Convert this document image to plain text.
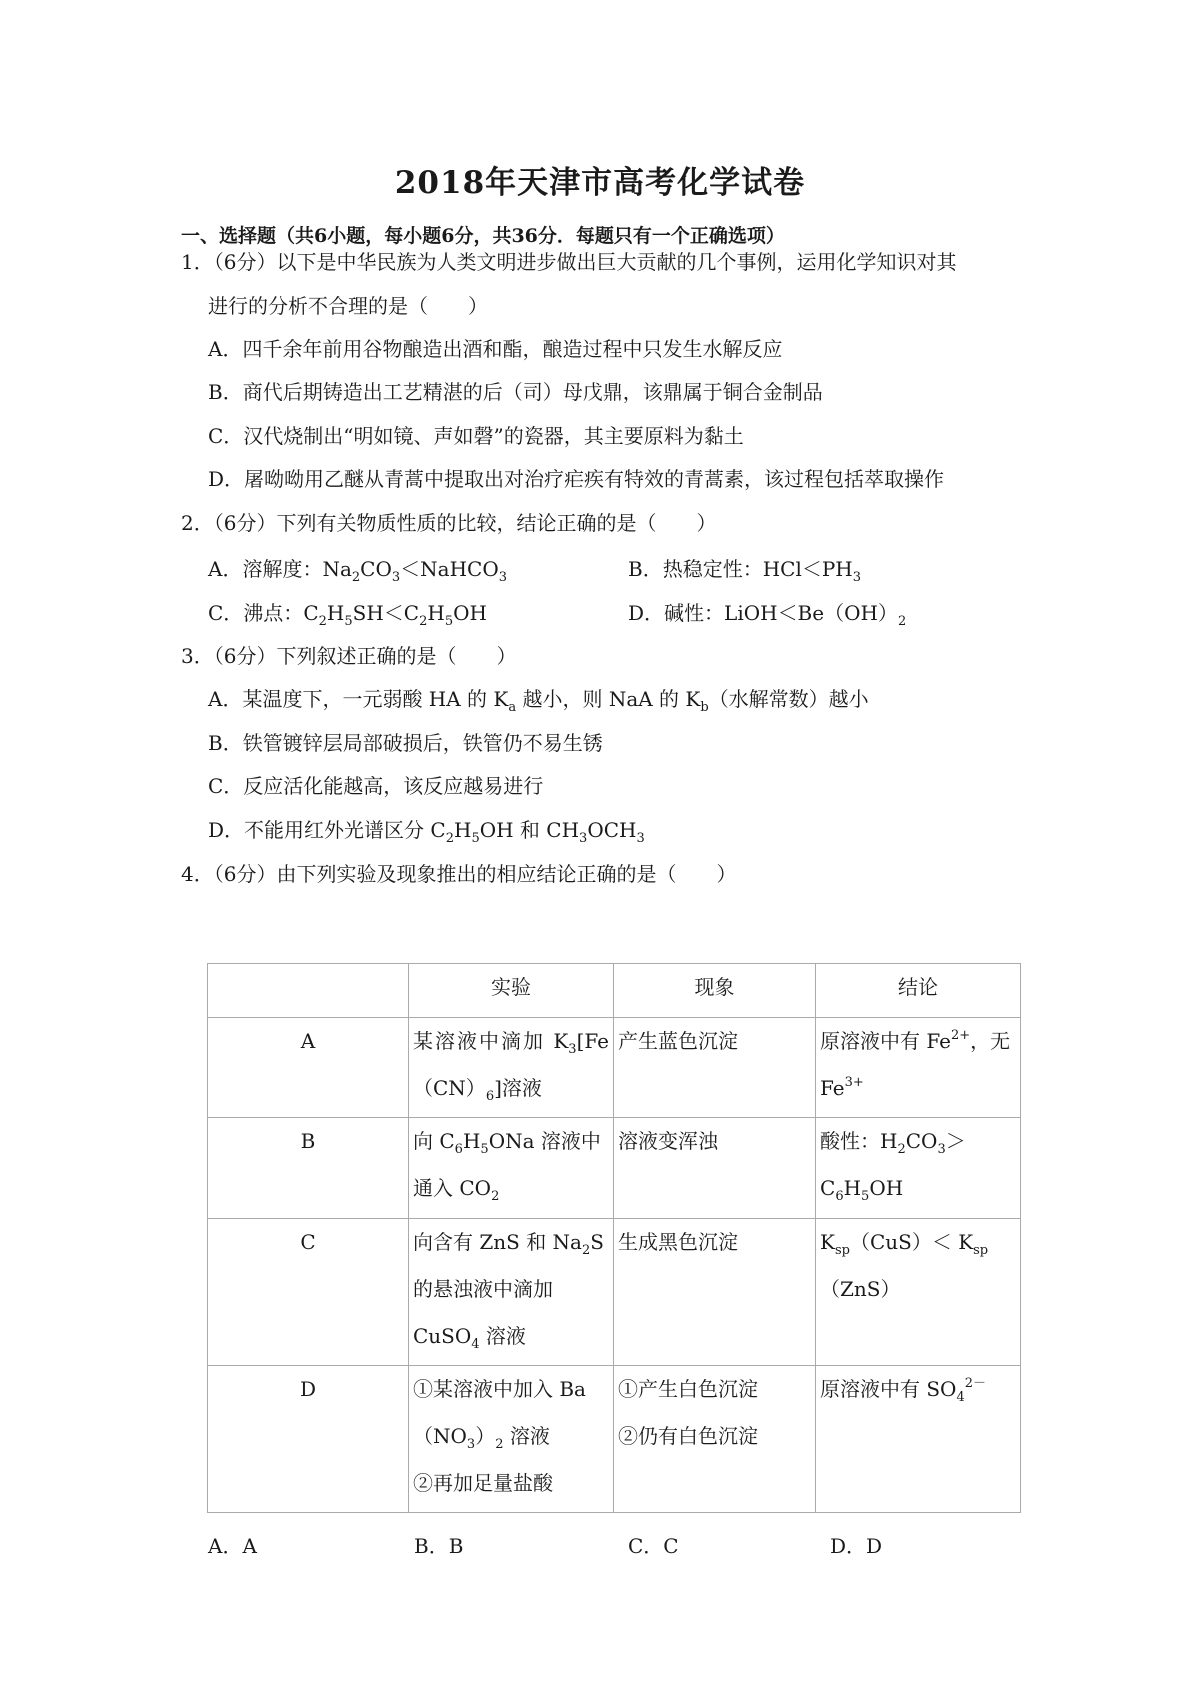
2018年天津市高考化学试卷
一、选择题（共6小题，每小题6分，共36分．每题只有一个正确选项）
1．（6分）以下是中华民族为人类文明进步做出巨大贡献的几个事例，运用化学知识对其
进行的分析不合理的是（　　）
A．四千余年前用谷物酿造出酒和酯，酿造过程中只发生水解反应
B．商代后期铸造出工艺精湛的后（司）母戊鼎，该鼎属于铜合金制品
C．汉代烧制出“明如镜、声如磬”的瓷器，其主要原料为黏土
D．屠呦呦用乙醚从青蒿中提取出对治疗疟疾有特效的青蒿素，该过程包括萃取操作
2．（6分）下列有关物质性质的比较，结论正确的是（　　）
A．溶解度：$Na_2CO_3<NaHCO_3$	B．热稳定性：$HCl<PH_3$
C．沸点：$C_2H_5SH<C_2H_5OH$	D．碱性：$LiOH<Be(OH)_2$
3．（6分）下列叙述正确的是（　　）
A．某温度下，一元弱酸 HA 的 $K_a$ 越小，则 NaA 的 $K_b$（水解常数）越小
B．铁管镀锌层局部破损后，铁管仍不易生锈
C．反应活化能越高，该反应越易进行
D．不能用红外光谱区分 $C_2H_5OH$ 和 $CH_3OCH_3$
4．（6分）由下列实验及现象推出的相应结论正确的是（　　）
	实验	现象	结论
A	某溶液中滴加 $K_3[Fe(CN)_6]$溶液	产生蓝色沉淀	原溶液中有 $Fe^{2+}$，无
$Fe^{3+}$
B	向 $C_6H_5ONa$ 溶液中
通入 $CO_2$	溶液变浑浊	酸性：$H_2CO_3>$
$C_6H_5OH$
C	向含有 ZnS 和 $Na_2S$
的悬浊液中滴加
CuSO$_4$ 溶液	生成黑色沉淀	$K_{sp}(CuS)< K_{sp}$
（ZnS）
D	①某溶液中加入 Ba
$(NO_3)_2$ 溶液
②再加足量盐酸	①产生白色沉淀
②仍有白色沉淀	原溶液中有 $SO_4^{2-}$
A．A	B．B	C．C	D．D
